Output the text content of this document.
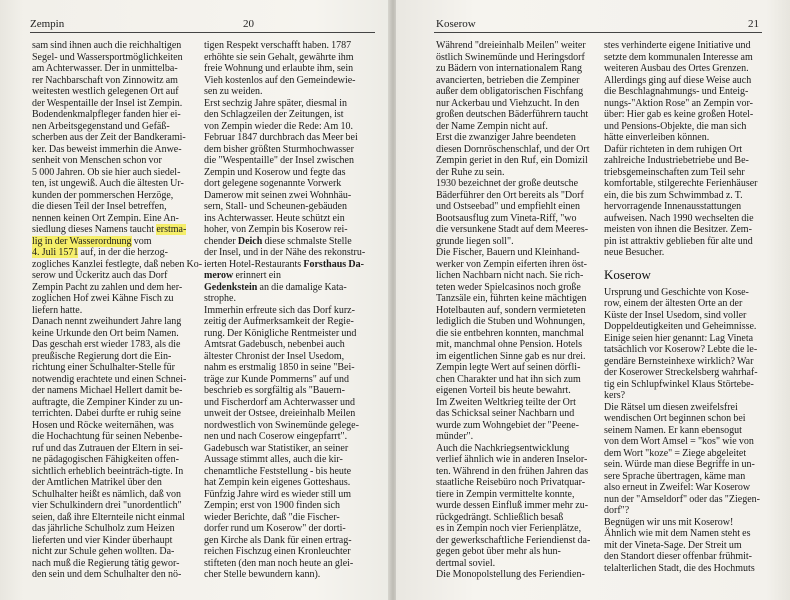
Zempin	20

sam sind ihnen auch die reichhaltigen

Segel- und Wassersportmöglichkeiten

am Achterwasser. Der in unmittelba-

rer Nachbarschaft von Zinnowitz am

weitesten westlich gelegenen Ort auf

der Wespentaille der Insel ist Zempin.

Bodendenkmalpfleger fanden hier ei-

nen Arbeitsgegenstand und Gefäß-

scherben aus der Zeit der Bandkerami-

ker. Das beweist immerhin die Anwe-

senheit von Menschen schon vor

5 000 Jahren. Ob sie hier auch siedel-

ten, ist ungewiß. Auch die ältesten Ur-

kunden der pommerschen Herzöge,

die diesen Teil der Insel betreffen,

nennen keinen Ort Zempin. Eine An-

siedlung dieses Namens taucht erstma-

lig in der Wasserordnung vom

4. Juli 1571 auf, in der die herzog-

zogliches Kanzlei festlegte, daß neben Ko-

serow und Ückeritz auch das Dorf

Zempin Pacht zu zahlen und dem her-

zoglichen Hof zwei Kähne Fisch zu

liefern hatte.

Danach nennt zweihundert Jahre lang

keine Urkunde den Ort beim Namen.

Das geschah erst wieder 1783, als die

preußische Regierung dort die Ein-

richtung einer Schulhalter-Stelle für

notwendig erachtete und einen Schnei-

der namens Michael Hellert damit be-

auftragte, die Zempiner Kinder zu un-

terrichten. Dabei durfte er ruhig seine

Hosen und Röcke weiternähen, was

die Hochachtung für seinen Nebenbe-

ruf und das Zutrauen der Eltern in sei-

ne pädagogischen Fähigkeiten offen-

sichtlich erheblich beeinträch-tigte. In

der Amtlichen Matrikel über den

Schulhalter heißt es nämlich, daß von

vier Schulkindern drei "unordentlich"

seien, daß ihre Elternteile nicht einmal

das jährliche Schulholz zum Heizen

lieferten und vier Kinder überhaupt

nicht zur Schule gehen wollten. Da-

nach muß die Regierung tätig gewor-

den sein und dem Schulhalter den nö-

tigen Respekt verschafft haben. 1787

erhöhte sie sein Gehalt, gewährte ihm

freie Wohnung und erlaubte ihm, sein

Vieh kostenlos auf den Gemeindewie-

sen zu weiden.

Erst sechzig Jahre später, diesmal in

den Schlagzeilen der Zeitungen, ist

von Zempin wieder die Rede: Am 10.

Februar 1847 durchbrach das Meer bei

dem bisher größten Sturmhochwasser

die "Wespentaille" der Insel zwischen

Zempin und Koserow und fegte das

dort gelegene sogenannte Vorwerk

Damerow mit seinen zwei Wohnhäu-

sern, Stall- und Scheunen-gebäuden

ins Achterwasser. Heute schützt ein

hoher, von Zempin bis Koserow rei-

chender Deich diese schmalste Stelle

der Insel, und in der Nähe des rekonstru-

ierten Hotel-Restaurants Forsthaus Da-

merow erinnert ein

Gedenkstein an die damalige Kata-

strophe.

Immerhin erfreute sich das Dorf kurz-

zeitig der Aufmerksamkeit der Regie-

rung. Der Königliche Rentmeister und

Amtsrat Gadebusch, nebenbei auch

ältester Chronist der Insel Usedom,

nahm es erstmalig 1850 in seine "Bei-

träge zur Kunde Pommerns" auf und

beschrieb es sorgfältig als "Bauern-

und Fischerdorf am Achterwasser und

unweit der Ostsee, dreieinhalb Meilen

nordwestlich von Swinemünde gelege-

nen und nach Coserow eingepfarrt".

Gadebusch war Statistiker, an seiner

Aussage stimmt alles, auch die kir-

chenamtliche Feststellung - bis heute

hat Zempin kein eigenes Gotteshaus.

Fünfzig Jahre wird es wieder still um

Zempin; erst von 1900 finden sich

wieder Berichte, daß "die Fischer-

dorfer rund um Koserow" der dorti-

gen Kirche als Dank für einen ertrag-

reichen Fischzug einen Kronleuchter

stifteten (den man noch heute an glei-

cher Stelle bewundern kann).

Koserow	21

Während "dreieinhalb Meilen" weiter

östlich Swinemünde und Heringsdorf

zu Bädern von internationalem Rang

avancierten, betrieben die Zempiner

außer dem obligatorischen Fischfang

nur Ackerbau und Viehzucht. In den

großen deutschen Bäderführern taucht

der Name Zempin nicht auf.

Erst die zwanziger Jahre beendeten

diesen Dornröschenschlaf, und der Ort

Zempin geriet in den Ruf, ein Domizil

der Ruhe zu sein.

1930 bezeichnet der große deutsche

Bäderführer den Ort bereits als "Dorf

und Ostseebad" und empfiehlt einen

Bootsausflug zum Vineta-Riff, "wo

die versunkene Stadt auf dem Meeres-

grunde liegen soll".

Die Fischer, Bauern und Kleinhand-

werker von Zempin eiferten ihren öst-

lichen Nachbarn nicht nach. Sie rich-

teten weder Spielcasinos noch große

Tanzsäle ein, führten keine mächtigen

Hotelbauten auf, sondern vermieteten

lediglich die Stuben und Wohnungen,

die sie entbehren konnten, manchmal

mit, manchmal ohne Pension. Hotels

im eigentlichen Sinne gab es nur drei.

Zempin legte Wert auf seinen dörfli-

chen Charakter und hat ihn sich zum

eigenen Vorteil bis heute bewahrt.

Im Zweiten Weltkrieg teilte der Ort

das Schicksal seiner Nachbarn und

wurde zum Wohngebiet der "Peene-

münder".

Auch die Nachkriegsentwicklung

verlief ähnlich wie in anderen Inselor-

ten. Während in den frühen Jahren das

staatliche Reisebüro noch Privatquar-

tiere in Zempin vermittelte konnte,

wurde dessen Einfluß immer mehr zu-

rückgedrängt. Schließlich besaß

es in Zempin noch vier Ferienplätze,

der gewerkschaftliche Feriendienst da-

gegen gebot über mehr als hun-

dertmal soviel.

Die Monopolstellung des Feriendien-

stes verhinderte eigene Initiative und

setzte dem kommunalen Interesse am

weiteren Ausbau des Ortes Grenzen.

Allerdings ging auf diese Weise auch

die Beschlagnahmungs- und Enteig-

nungs-"Aktion Rose" an Zempin vor-

über: Hier gab es keine großen Hotel-

und Pensions-Objekte, die man sich

hätte einverleiben können.

Dafür richteten in dem ruhigen Ort

zahlreiche Industriebetriebe und Be-

triebsgemeinschaften zum Teil sehr

komfortable, stilgerechte Ferienhäuser

ein, die bis zum Schwimmbad z. T.

hervorragende Innenausstattungen

aufweisen. Nach 1990 wechselten die

meisten von ihnen die Besitzer. Zem-

pin ist attraktiv geblieben für alte und

neue Besucher.

Koserow

Ursprung und Geschichte von Kose-

row, einem der ältesten Orte an der

Küste der Insel Usedom, sind voller

Doppeldeutigkeiten und Geheimnisse.

Einige seien hier genannt: Lag Vineta

tatsächlich vor Koserow? Lebte die le-

gendäre Bernsteinhexe wirklich? War

der Koserower Streckelsberg wahrhaf-

tig ein Schlupfwinkel Klaus Störtebe-

kers?

Die Rätsel um diesen zweifelsfrei

wendischen Ort beginnen schon bei

seinem Namen. Er kann ebensogut

von dem Wort Amsel = "kos" wie von

dem Wort "koze" = Ziege abgeleitet

sein. Würde man diese Begriffe in un-

sere Sprache übertragen, käme man

also erneut in Zweifel: War Koserow

nun der "Amseldorf" oder das "Ziegen-

dorf"?

Begnügen wir uns mit Koserow!

Ähnlich wie mit dem Namen steht es

mit der Vineta-Sage. Der Streit um

den Standort dieser offenbar frühmit-

telalterlichen Stadt, die des Hochmuts
